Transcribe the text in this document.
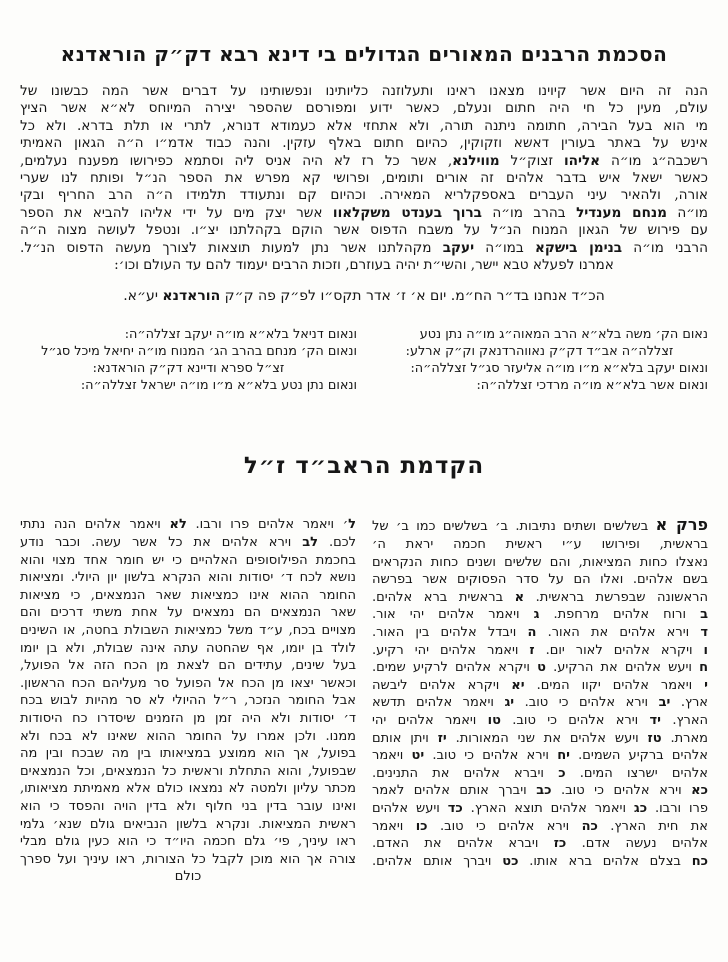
הסכמת הרבנים המאורים הגדולים בי דינא רבא דק״ק הוראדנא
הנה זה היום אשר קיוינו מצאנו ראינו ותעלוזנה כליותינו ונפשותינו על דברים אשר המה כבשונו של
עולם, מעין כל חי היה חתום ונעלם, כאשר ידוע ומפורסם שהספר יצירה המיוחס לא״א אשר הציץ
מי הוא בעל הבירה, חתומה ניתנה תורה, ולא אתחזי אלא כעמודא דנורא, לתרי או תלת בדרא. ולא כל
אינש על באתר בעורין דאשא וזקוקין, כהיום חתום באלף עזקין. והנה כבוד אדמ״ו ה״ה הגאון האמיתי
רשכבה״ג מו״ה אליהו זצוק״ל מווילנא, אשר כל רז לא היה אניס ליה וסתמא כפירושו מפענח נעלמים,
כאשר ישאל איש בדבר אלהים זה אורים ותומים, ופרושי קא מפרש את הספר הנ״ל ופותח לנו שערי
אורה, ולהאיר עיני העברים באספקלריא המאירה. וכהיום קם ונתעודד תלמידו ה״ה הרב החריף ובקי
מו״ה מנחם מענדיל בהרב מו״ה ברוך בענדט משקלאוו אשר יצק מים על ידי אליהו להביא את הספר
עם פירוש של הגאון המנוח הנ״ל על משבח הדפוס אשר הוקם בקהלתנו יצ״ו. ונטפל לעושה מצוה ה״ה
הרבני מו״ה בנימן בישקא במו״ה יעקב מקהלתנו אשר נתן למעות תוצאות לצורך מעשה הדפוס הנ״ל.
אמרנו לפעלא טבא יישר, והשי״ת יהיה בעוזרם, וזכות הרבים יעמוד להם עד העולם וכו׳:
הכ״ד אנחנו בד״ר הח״מ. יום א׳ ז׳ אדר תקס״ו לפ״ק פה ק״ק הוראדנא יע״א.
נאום הק׳ משה בלא״א הרב המאוה״ג מו״ה נתן נטע
זצללה״ה אב״ד דק״ק נאווהרדנאק וק״ק ארלע:
ונאום יעקב בלא״א מ״ו מו״ה אליעזר סג״ל זצללה״ה:
ונאום אשר בלא״א מו״ה מרדכי זצללה״ה:
ונאום דניאל בלא״א מו״ה יעקב זצללה״ה:
ונאום הק׳ מנחם בהרב הג׳ המנוח מו״ה יחיאל מיכל סג״ל
זצ״ל ספרא ודיינא דק״ק הוראדנא:
ונאום נתן נטע בלא״א מ״ו מו״ה ישראל זצללה״ה:
הקדמת הראב״ד ז״ל
פרק א בשלשים ושתים נתיבות. ב׳ בשלשים כמו ב׳ של
בראשית, ופירושו ע״י ראשית חכמה יראת ה׳
נאצלו כחות המציאות, והם שלשים ושנים כחות הנקראים
בשם אלהים. ואלו הם על סדר הפסוקים אשר בפרשה
הראשונה שבפרשת בראשית. א בראשית ברא אלהים.
ב ורוח אלהים מרחפת. ג ויאמר אלהים יהי אור.
ד וירא אלהים את האור. ה ויבדל אלהים בין האור.
ו ויקרא אלהים לאור יום. ז ויאמר אלהים יהי רקיע.
ח ויעש אלהים את הרקיע. ט ויקרא אלהים לרקיע שמים.
י ויאמר אלהים יקוו המים. יא ויקרא אלהים ליבשה
ארץ. יב וירא אלהים כי טוב. יג ויאמר אלהים תדשא
הארץ. יד וירא אלהים כי טוב. טו ויאמר אלהים יהי
מארת. טז ויעש אלהים את שני המאורות. יז ויתן אותם
אלהים ברקיע השמים. יח וירא אלהים כי טוב. יט ויאמר
אלהים ישרצו המים. כ ויברא אלהים את התנינים.
כא וירא אלהים כי טוב. כב ויברך אותם אלהים לאמר
פרו ורבו. כג ויאמר אלהים תוצא הארץ. כד ויעש אלהים
את חית הארץ. כה וירא אלהים כי טוב. כו ויאמר
אלהים נעשה אדם. כז ויברא אלהים את האדם.
כח בצלם אלהים ברא אותו. כט ויברך אותם אלהים.
ל׳ ויאמר אלהים פרו ורבו. לא ויאמר אלהים הנה נתתי
לכם. לב וירא אלהים את כל אשר עשה. וכבר נודע
בחכמת הפילוסופים האלהיים כי יש חומר אחד מצוי והוא
נושא לכח ד׳ יסודות והוא הנקרא בלשון יון היולי. ומציאות
החומר ההוא אינו כמציאות שאר הנמצאים, כי מציאות
שאר הנמצאים הם נמצאים על אחת משתי דרכים והם
מצויים בכח, ע״ד משל כמציאות השבולת בחטה, או השינים
לולד בן יומו, אף שהחטה עתה אינה שבולת, ולא בן יומו
בעל שינים, עתידים הם לצאת מן הכח הזה אל הפועל,
וכאשר יצאו מן הכח אל הפועל סר מעליהם הכח הראשון.
אבל החומר הנזכר, ר״ל ההיולי לא סר מהיות לבוש בכח
ד׳ יסודות ולא היה זמן מן הזמנים שיסדרו כח היסודות
ממנו. ולכן אמרו על החומר ההוא שאינו לא בכח ולא
בפועל, אך הוא ממוצע במציאותו בין מה שבכח ובין מה
שבפועל, והוא התחלת וראשית כל הנמצאים, וכל הנמצאים
מכתר עליון ולמטה לא נמצאו כולם אלא מאמיתת מציאותו,
ואינו עובר בדין בני חלוף ולא בדין הויה והפסד כי הוא
ראשית המציאות. ונקרא בלשון הנביאים גולם שנא׳ גלמי
ראו עיניך, פי׳ גלם חכמה היו״ד כי הוא כעין גולם מבלי
צורה אך הוא מוכן לקבל כל הצורות, ראו עיניך ועל ספרך
כולם
